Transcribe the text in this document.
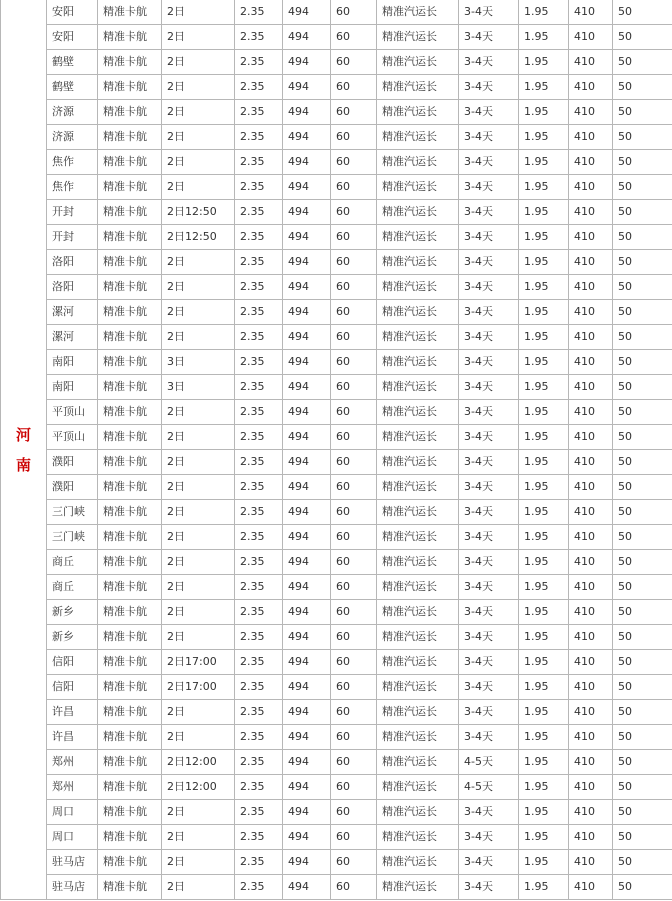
河
南	安阳	精准卡航	2日	2.35	494	60	精准汽运长	3-4天	1.95	410	50
	安阳	精准卡航	2日	2.35	494	60	精准汽运长	3-4天	1.95	410	50
	鹤壁	精准卡航	2日	2.35	494	60	精准汽运长	3-4天	1.95	410	50
	鹤壁	精准卡航	2日	2.35	494	60	精准汽运长	3-4天	1.95	410	50
	济源	精准卡航	2日	2.35	494	60	精准汽运长	3-4天	1.95	410	50
	济源	精准卡航	2日	2.35	494	60	精准汽运长	3-4天	1.95	410	50
	焦作	精准卡航	2日	2.35	494	60	精准汽运长	3-4天	1.95	410	50
	焦作	精准卡航	2日	2.35	494	60	精准汽运长	3-4天	1.95	410	50
	开封	精准卡航	2日12:50	2.35	494	60	精准汽运长	3-4天	1.95	410	50
	开封	精准卡航	2日12:50	2.35	494	60	精准汽运长	3-4天	1.95	410	50
	洛阳	精准卡航	2日	2.35	494	60	精准汽运长	3-4天	1.95	410	50
	洛阳	精准卡航	2日	2.35	494	60	精准汽运长	3-4天	1.95	410	50
	漯河	精准卡航	2日	2.35	494	60	精准汽运长	3-4天	1.95	410	50
	漯河	精准卡航	2日	2.35	494	60	精准汽运长	3-4天	1.95	410	50
	南阳	精准卡航	3日	2.35	494	60	精准汽运长	3-4天	1.95	410	50
	南阳	精准卡航	3日	2.35	494	60	精准汽运长	3-4天	1.95	410	50
	平顶山	精准卡航	2日	2.35	494	60	精准汽运长	3-4天	1.95	410	50
	平顶山	精准卡航	2日	2.35	494	60	精准汽运长	3-4天	1.95	410	50
	濮阳	精准卡航	2日	2.35	494	60	精准汽运长	3-4天	1.95	410	50
	濮阳	精准卡航	2日	2.35	494	60	精准汽运长	3-4天	1.95	410	50
	三门峡	精准卡航	2日	2.35	494	60	精准汽运长	3-4天	1.95	410	50
	三门峡	精准卡航	2日	2.35	494	60	精准汽运长	3-4天	1.95	410	50
	商丘	精准卡航	2日	2.35	494	60	精准汽运长	3-4天	1.95	410	50
	商丘	精准卡航	2日	2.35	494	60	精准汽运长	3-4天	1.95	410	50
	新乡	精准卡航	2日	2.35	494	60	精准汽运长	3-4天	1.95	410	50
	新乡	精准卡航	2日	2.35	494	60	精准汽运长	3-4天	1.95	410	50
	信阳	精准卡航	2日17:00	2.35	494	60	精准汽运长	3-4天	1.95	410	50
	信阳	精准卡航	2日17:00	2.35	494	60	精准汽运长	3-4天	1.95	410	50
	许昌	精准卡航	2日	2.35	494	60	精准汽运长	3-4天	1.95	410	50
	许昌	精准卡航	2日	2.35	494	60	精准汽运长	3-4天	1.95	410	50
	郑州	精准卡航	2日12:00	2.35	494	60	精准汽运长	4-5天	1.95	410	50
	郑州	精准卡航	2日12:00	2.35	494	60	精准汽运长	4-5天	1.95	410	50
	周口	精准卡航	2日	2.35	494	60	精准汽运长	3-4天	1.95	410	50
	周口	精准卡航	2日	2.35	494	60	精准汽运长	3-4天	1.95	410	50
	驻马店	精准卡航	2日	2.35	494	60	精准汽运长	3-4天	1.95	410	50
	驻马店	精准卡航	2日	2.35	494	60	精准汽运长	3-4天	1.95	410	50
